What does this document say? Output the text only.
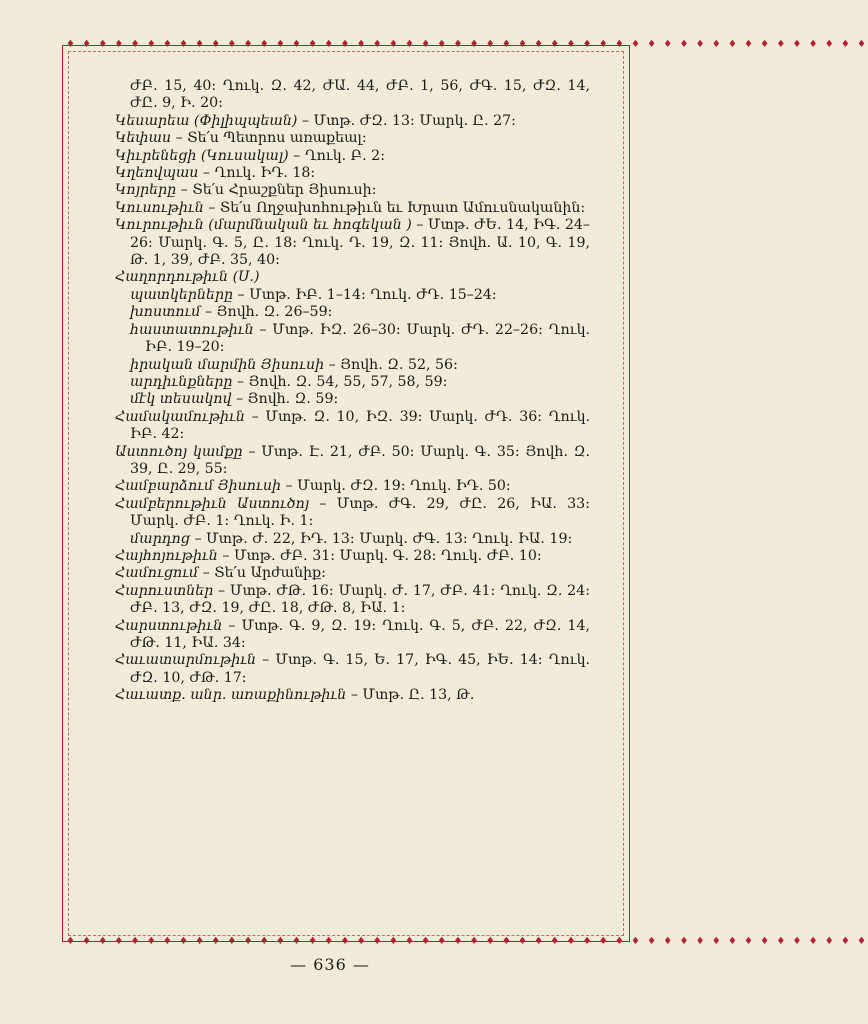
♦ ♦ ♦ ♦ ♦ ♦ ♦ ♦ ♦ ♦ ♦ ♦ ♦ ♦ ♦ ♦ ♦ ♦ ♦ ♦ ♦ ♦ ♦ ♦ ♦ ♦ ♦ ♦ ♦ ♦ ♦ ♦ ♦ ♦ ♦ ♦ ♦ ♦ ♦ ♦ ♦ ♦ ♦ ♦ ♦ ♦ ♦ ♦ ♦ ♦
♦ ♦ ♦ ♦ ♦ ♦ ♦ ♦ ♦ ♦ ♦ ♦ ♦ ♦ ♦ ♦ ♦ ♦ ♦ ♦ ♦ ♦ ♦ ♦ ♦ ♦ ♦ ♦ ♦ ♦ ♦ ♦ ♦ ♦ ♦ ♦ ♦ ♦ ♦ ♦ ♦ ♦ ♦ ♦ ♦ ♦ ♦ ♦ ♦ ♦

ԺԲ. 15, 40: Ղուկ. Զ. 42, ԺԱ. 44, ԺԲ. 1, 56, ԺԳ. 15, ԺԶ. 14, ԺԸ. 9, Ի. 20:

Կեսարեա (Փիլիպպեան) – Մտթ. ԺԶ. 13: Մարկ. Ը. 27:

Կեփաս – Տե՛ս Պետրոս առաքեալ:

Կիւրենեցի (Կուսակալ) – Ղուկ. Բ. 2:

Կղեովպաս – Ղուկ. ԻԴ. 18:

Կոյրերը – Տե՛ս Հրաշքներ Յիսուսի:

Կուսութիւն – Տե՛ս Ողջախոհութիւն եւ Խրատ Ամուսնականին:

Կուրութիւն (մարմնական եւ հոգեկան ) – Մտթ. ԺԵ. 14, ԻԳ. 24–26: Մարկ. Գ. 5, Ը. 18: Ղուկ. Դ. 19, Զ. 11: Յովհ. Ա. 10, Գ. 19, Թ. 1, 39, ԺԲ. 35, 40:

Հաղորդութիւն (Ս.)

պատկերները – Մտթ. ԻԲ. 1–14: Ղուկ. ԺԴ. 15–24:

խոստում – Յովհ. Զ. 26–59:

հաստատութիւն – Մտթ. ԻԶ. 26–30: Մարկ. ԺԴ. 22–26: Ղուկ. ԻԲ. 19–20:

իրական մարմին Յիսուսի – Յովհ. Զ. 52, 56:

արդիւնքները – Յովհ. Զ. 54, 55, 57, 58, 59:

մէկ տեսակով – Յովհ. Զ. 59:

Համակամութիւն – Մտթ. Զ. 10, ԻԶ. 39: Մարկ. ԺԴ. 36: Ղուկ. ԻԲ. 42:

Աստուծոյ կամքը – Մտթ. Է. 21, ԺԲ. 50: Մարկ. Գ. 35: Յովհ. Զ. 39, Ը. 29, 55:

Համբարձում Յիսուսի – Մարկ. ԺԶ. 19: Ղուկ. ԻԴ. 50:

Համբերութիւն Աստուծոյ – Մտթ. ԺԳ. 29, ԺԸ. 26, ԻԱ. 33: Մարկ. ԺԲ. 1: Ղուկ. Ի. 1:

մարդոց – Մտթ. Ժ. 22, ԻԴ. 13: Մարկ. ԺԳ. 13: Ղուկ. ԻԱ. 19:

Հայհոյութիւն – Մտթ. ԺԲ. 31: Մարկ. Գ. 28: Ղուկ. ԺԲ. 10:

Համուցում – Տե՛ս Արժանիք:

Հարուստներ – Մտթ. ԺԹ. 16: Մարկ. Ժ. 17, ԺԲ. 41: Ղուկ. Զ. 24: ԺԲ. 13, ԺԶ. 19, ԺԸ. 18, ԺԹ. 8, ԻԱ. 1:

Հարստութիւն – Մտթ. Գ. 9, Զ. 19: Ղուկ. Գ. 5, ԺԲ. 22, ԺԶ. 14, ԺԹ. 11, ԻԱ. 34:

Հաւատարմութիւն – Մտթ. Գ. 15, Ե. 17, ԻԳ. 45, ԻԵ. 14: Ղուկ. ԺԶ. 10, ԺԹ. 17:

Հաւատք. անր. առաքինութիւն – Մտթ. Ը. 13, Թ.

— 636 —
